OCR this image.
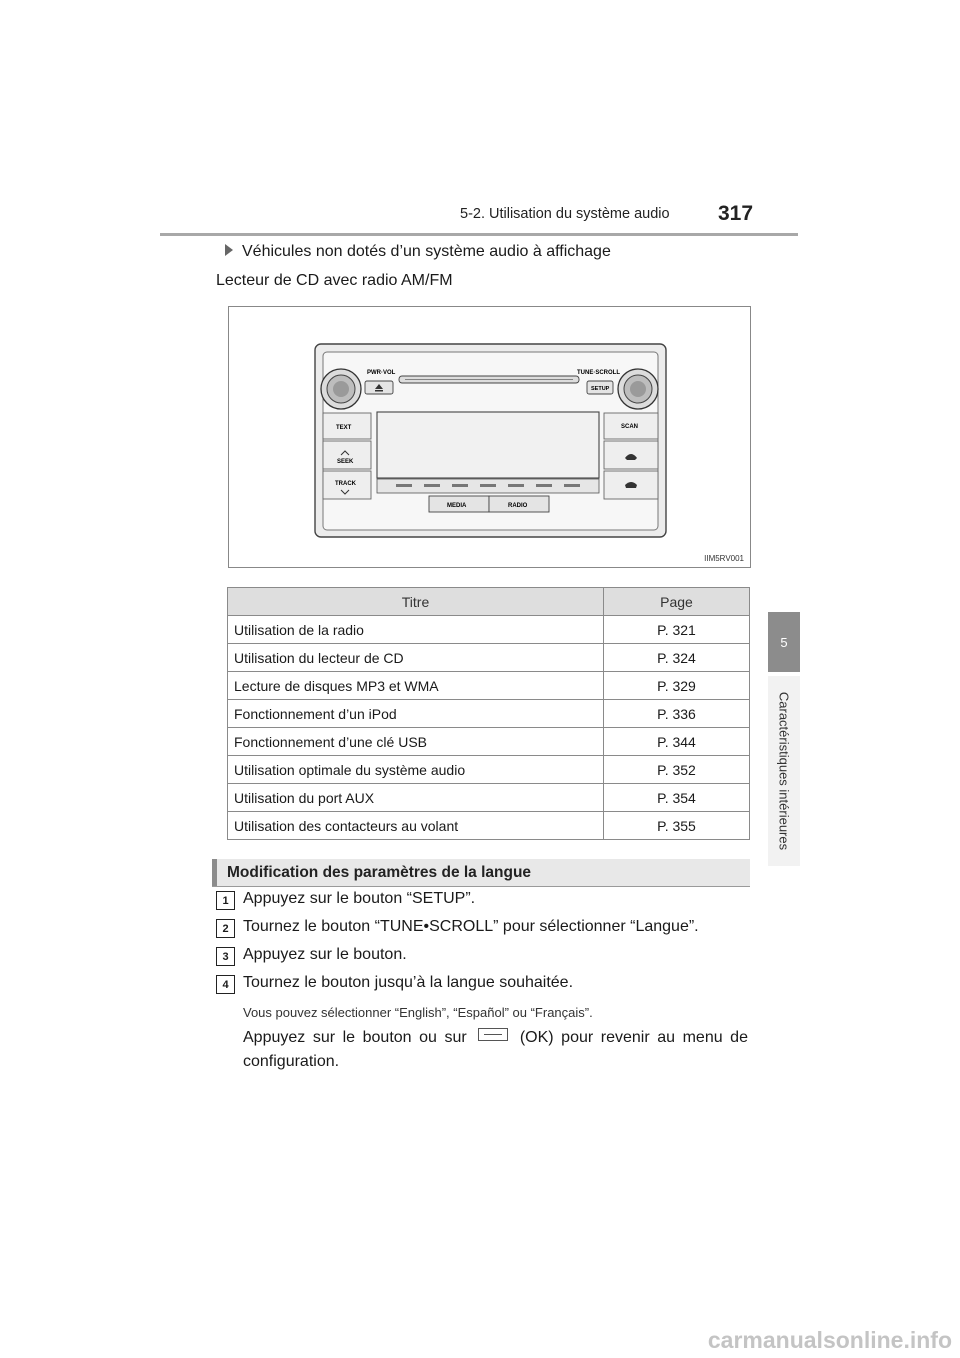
5-2. Utilisation du système audio 317
5
Caractéristiques intérieures
Véhicules non dotés d’un système audio à affichage
Lecteur de CD avec radio AM/FM
PWR·VOL	TUNE·SCROLL
SETUP
TEXT
SEEK
TRACK
SCAN
MEDIA	RADIO
IIM5RV001
Titre	Page
Utilisation de la radio	P. 321
Utilisation du lecteur de CD	P. 324
Lecture de disques MP3 et WMA	P. 329
Fonctionnement d’un iPod	P. 336
Fonctionnement d’une clé USB	P. 344
Utilisation optimale du système audio	P. 352
Utilisation du port AUX	P. 354
Utilisation des contacteurs au volant	P. 355
Modification des paramètres de la langue
1 Appuyez sur le bouton “SETUP”.
2 Tournez le bouton “TUNE•SCROLL” pour sélectionner “Langue”.
3 Appuyez sur le bouton.
4 Tournez le bouton jusqu’à la langue souhaitée.
Vous pouvez sélectionner “English”, “Español” ou “Français”.
Appuyez sur le bouton ou sur	(OK) pour revenir au menu de configuration.
carmanualsonline.info
